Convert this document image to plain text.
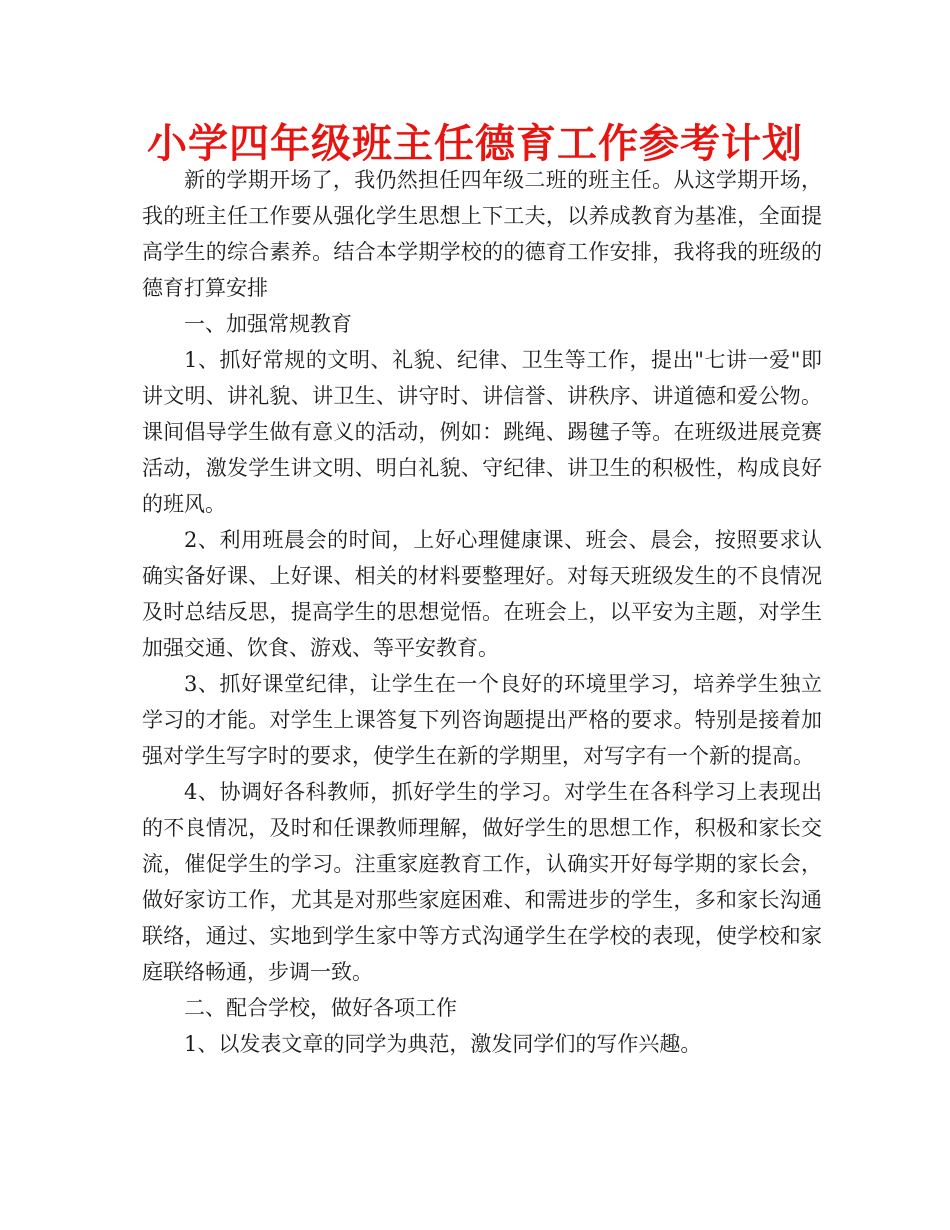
小学四年级班主任德育工作参考计划

新的学期开场了，我仍然担任四年级二班的班主任。从这学期开场，我的班主任工作要从强化学生思想上下工夫，以养成教育为基准，全面提高学生的综合素养。结合本学期学校的的德育工作安排，我将我的班级的德育打算安排

一、加强常规教育

1、抓好常规的文明、礼貌、纪律、卫生等工作，提出"七讲一爱"即讲文明、讲礼貌、讲卫生、讲守时、讲信誉、讲秩序、讲道德和爱公物。课间倡导学生做有意义的活动，例如：跳绳、踢毽子等。在班级进展竞赛活动，激发学生讲文明、明白礼貌、守纪律、讲卫生的积极性，构成良好的班风。

2、利用班晨会的时间，上好心理健康课、班会、晨会，按照要求认确实备好课、上好课、相关的材料要整理好。对每天班级发生的不良情况及时总结反思，提高学生的思想觉悟。在班会上，以平安为主题，对学生加强交通、饮食、游戏、等平安教育。

3、抓好课堂纪律，让学生在一个良好的环境里学习，培养学生独立学习的才能。对学生上课答复下列咨询题提出严格的要求。特别是接着加强对学生写字时的要求，使学生在新的学期里，对写字有一个新的提高。

4、协调好各科教师，抓好学生的学习。对学生在各科学习上表现出的不良情况，及时和任课教师理解，做好学生的思想工作，积极和家长交流，催促学生的学习。注重家庭教育工作，认确实开好每学期的家长会，做好家访工作，尤其是对那些家庭困难、和需进步的学生，多和家长沟通联络，通过、实地到学生家中等方式沟通学生在学校的表现，使学校和家庭联络畅通，步调一致。

二、配合学校，做好各项工作

1、以发表文章的同学为典范，激发同学们的写作兴趣。
